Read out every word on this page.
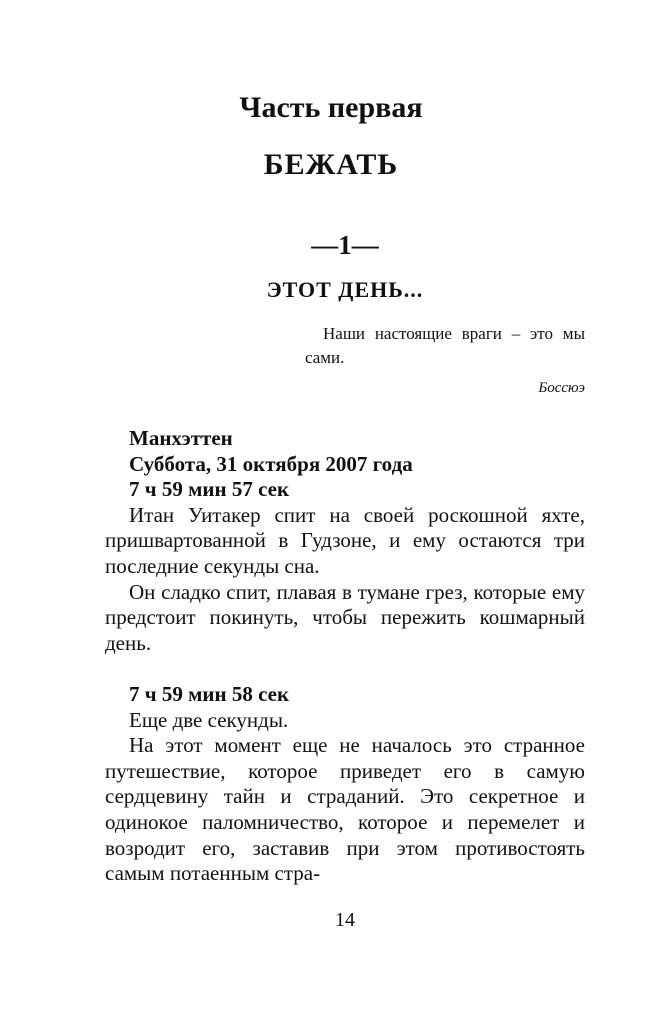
Часть первая
БЕЖАТЬ
—1—
ЭТОТ ДЕНЬ...

Наши настоящие враги – это мы сами.

Боссюэ

Манхэттен

Суббота, 31 октября 2007 года

7 ч 59 мин 57 сек

Итан Уитакер спит на своей роскошной яхте, пришвартованной в Гудзоне, и ему остаются три последние секунды сна.

Он сладко спит, плавая в тумане грез, которые ему предстоит покинуть, чтобы пережить кошмарный день.

7 ч 59 мин 58 сек

Еще две секунды.

На этот момент еще не началось это странное путешествие, которое приведет его в самую сердцевину тайн и страданий. Это секретное и одинокое паломничество, которое и перемелет и возродит его, заставив при этом противостоять самым потаенным стра-

14
